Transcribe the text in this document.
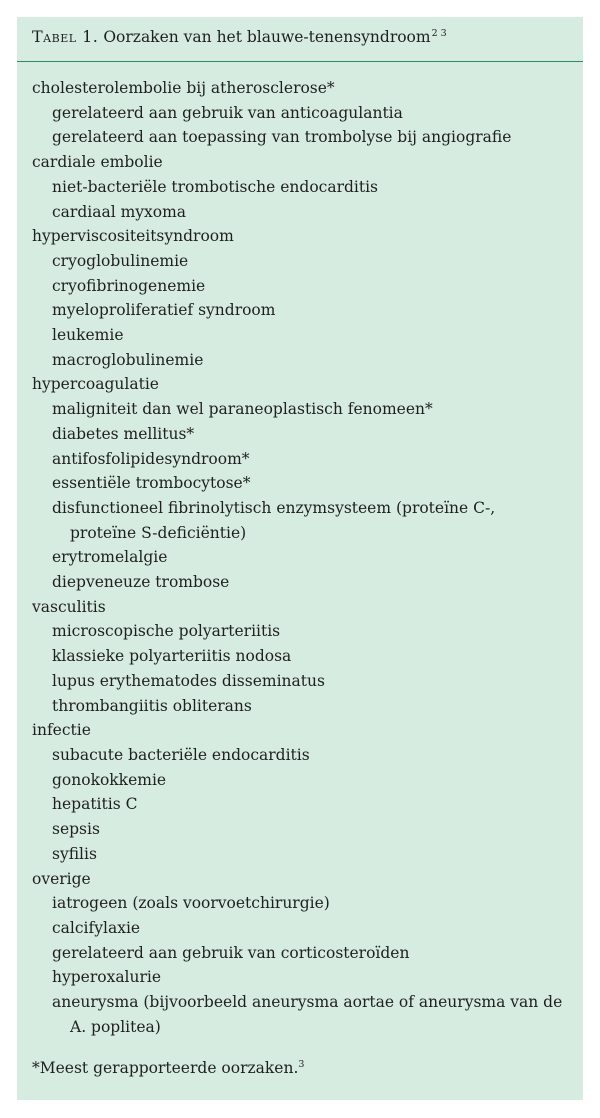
Tabel 1. Oorzaken van het blauwe-tenensyndroom$^{2 3}$
cholesterolembolie bij atherosclerose*
gerelateerd aan gebruik van anticoagulantia
gerelateerd aan toepassing van trombolyse bij angiografie
cardiale embolie
niet-bacteriële trombotische endocarditis
cardiaal myxoma
hyperviscositeitsyndroom
cryoglobulinemie
cryofibrinogenemie
myeloproliferatief syndroom
leukemie
macroglobulinemie
hypercoagulatie
maligniteit dan wel paraneoplastisch fenomeen*
diabetes mellitus*
antifosfolipidesyndroom*
essentiële trombocytose*
disfunctioneel fibrinolytisch enzymsysteem (proteïne C-,
proteïne S-deficiëntie)
erytromelalgie
diepveneuze trombose
vasculitis
microscopische polyarteriitis
klassieke polyarteriitis nodosa
lupus erythematodes disseminatus
thrombangiitis obliterans
infectie
subacute bacteriële endocarditis
gonokokkemie
hepatitis C
sepsis
syfilis
overige
iatrogeen (zoals voorvoetchirurgie)
calcifylaxie
gerelateerd aan gebruik van corticosteroïden
hyperoxalurie
aneurysma (bijvoorbeeld aneurysma aortae of aneurysma van de
A. poplitea)
*Meest gerapporteerde oorzaken.$^3$
